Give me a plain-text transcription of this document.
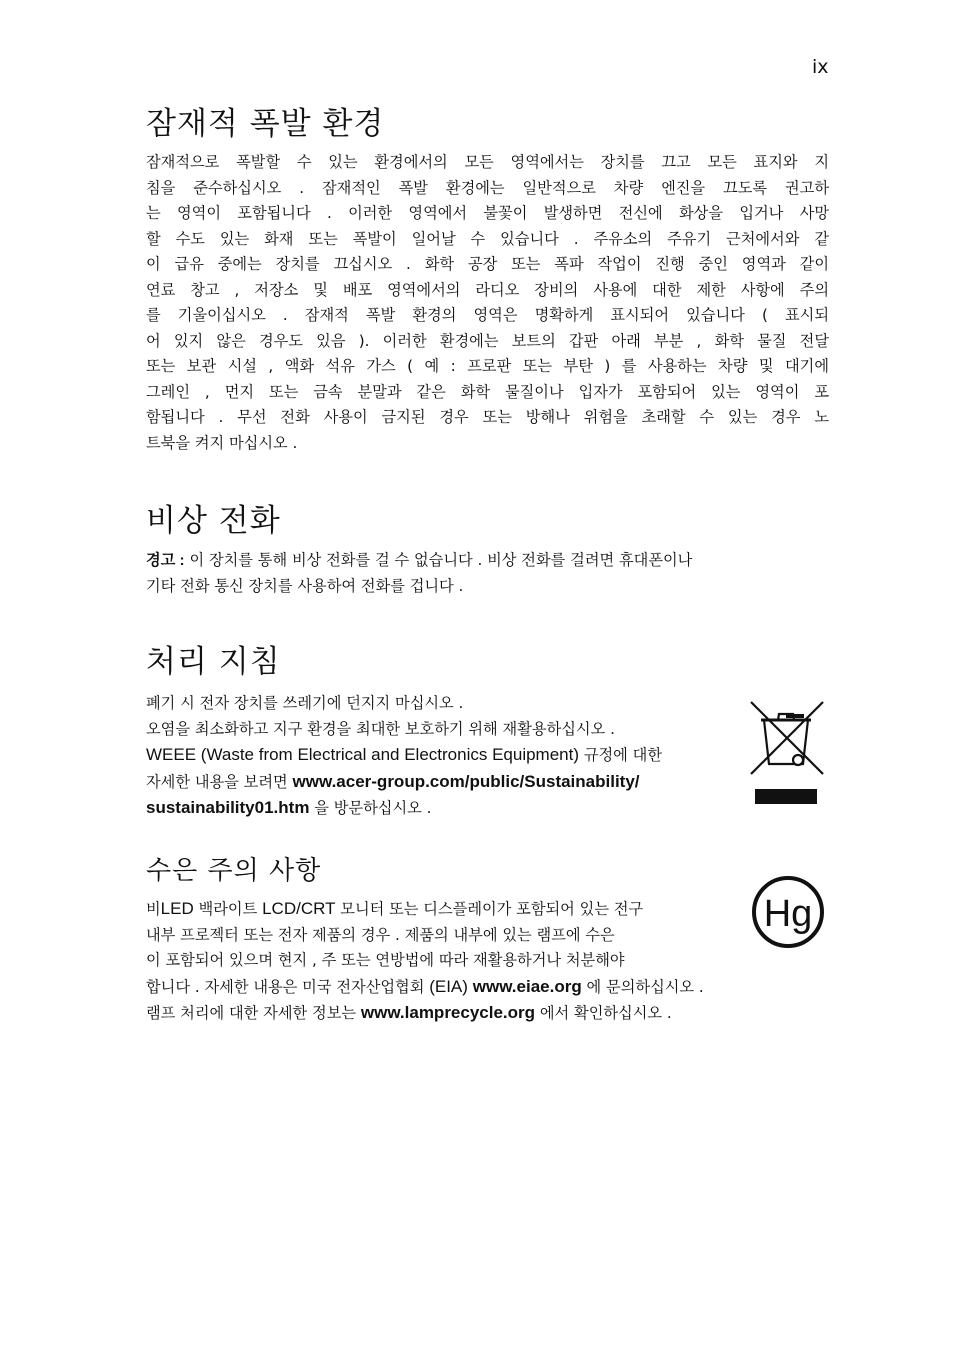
ix
잠재적 폭발 환경
잠재적으로 폭발할 수 있는 환경에서의 모든 영역에서는 장치를 끄고 모든 표지와 지
침을 준수하십시오 . 잠재적인 폭발 환경에는 일반적으로 차량 엔진을 끄도록 권고하
는 영역이 포함됩니다 . 이러한 영역에서 불꽃이 발생하면 전신에 화상을 입거나 사망
할 수도 있는 화재 또는 폭발이 일어날 수 있습니다 . 주유소의 주유기 근처에서와 같
이 급유 중에는 장치를 끄십시오 . 화학 공장 또는 폭파 작업이 진행 중인 영역과 같이
연료 창고 , 저장소 및 배포 영역에서의 라디오 장비의 사용에 대한 제한 사항에 주의
를 기울이십시오 . 잠재적 폭발 환경의 영역은 명확하게 표시되어 있습니다 ( 표시되
어 있지 않은 경우도 있음 ). 이러한 환경에는 보트의 갑판 아래 부분 , 화학 물질 전달
또는 보관 시설 , 액화 석유 가스 ( 예 : 프로판 또는 부탄 ) 를 사용하는 차량 및 대기에
그레인 , 먼지 또는 금속 분말과 같은 화학 물질이나 입자가 포함되어 있는 영역이 포
함됩니다 . 무선 전화 사용이 금지된 경우 또는 방해나 위험을 초래할 수 있는 경우 노
트북을 켜지 마십시오 .
비상 전화
경고 : 이 장치를 통해 비상 전화를 걸 수 없습니다 . 비상 전화를 걸려면 휴대폰이나
기타 전화 통신 장치를 사용하여 전화를 겁니다 .
처리 지침
폐기 시 전자 장치를 쓰레기에 던지지 마십시오 .
오염을 최소화하고 지구 환경을 최대한 보호하기 위해 재활용하십시오 .
WEEE (Waste from Electrical and Electronics Equipment) 규정에 대한
자세한 내용을 보려면 www.acer-group.com/public/Sustainability/
sustainability01.htm 을 방문하십시오 .
수은 주의 사항
비LED 백라이트 LCD/CRT 모니터 또는 디스플레이가 포함되어 있는 전구
내부 프로젝터 또는 전자 제품의 경우 . 제품의 내부에 있는 램프에 수은
이 포함되어 있으며 현지 , 주 또는 연방법에 따라 재활용하거나 처분해야
합니다 . 자세한 내용은 미국 전자산업협회 (EIA) www.eiae.org 에 문의하십시오 .
램프 처리에 대한 자세한 정보는 www.lamprecycle.org 에서 확인하십시오 .
Hg
